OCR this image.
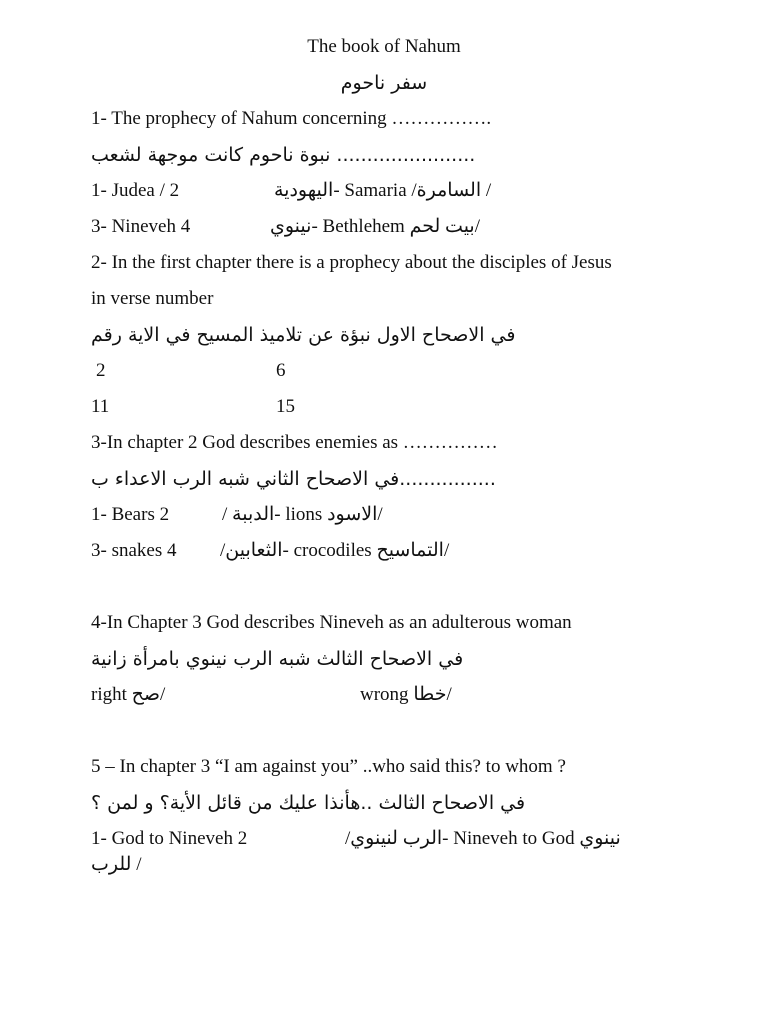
The book of Nahum
سفر ناحوم
1- The prophecy of Nahum concerning …………….
نبوة ناحوم كانت موجهة لشعب .......................
1- Judea / 2	اليهودية- Samaria /السامرة /
3- Nineveh 4	نينوي- Bethlehem بيت لحم/
2- In the first chapter there is a prophecy about the disciples of Jesus
in verse number
في الاصحاح الاول نبؤة عن تلاميذ المسيح في الاية رقم
2	6
11	15
3-In chapter 2 God describes enemies as ……………
في الاصحاح الثاني شبه الرب الاعداء ب................
1- Bears 2	/ الدببة- lions الاسود/
3- snakes 4 /الثعابين- crocodiles التماسيح/
4-In Chapter 3 God describes Nineveh as an adulterous woman
في الاصحاح الثالث شبه الرب نينوي بامرأة زانية
right صح/	wrong خطا/
5 – In chapter 3 “I am against you” ..who said this? to whom ?
في الاصحاح الثالث ..هأنذا عليك من قائل الأية؟ و لمن ؟
1- God to Nineveh 2	/الرب لنينوي- Nineveh to God نينوي
للرب /
